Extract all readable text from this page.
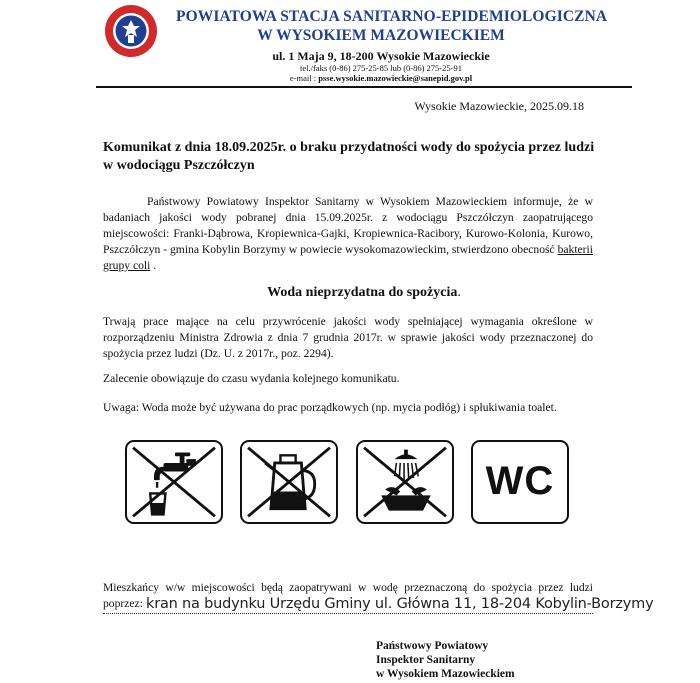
POWIATOWA STACJA SANITARNO-EPIDEMIOLOGICZNA
W WYSOKIEM MAZOWIECKIEM
ul. 1 Maja 9, 18-200 Wysokie Mazowieckie
tel./faks (0-86) 275-25-85 lub (0-86) 275-25-91
e-mail : psse.wysokie.mazowieckie@sanepid.gov.pl
Wysokie Mazowieckie, 2025.09.18
Komunikat z dnia 18.09.2025r. o braku przydatności wody do spożycia przez ludzi w wodociągu Pszczółczyn
Państwowy Powiatowy Inspektor Sanitarny w Wysokiem Mazowieckiem informuje, że w badaniach jakości wody pobranej dnia 15.09.2025r. z wodociągu Pszczółczyn zaopatrującego miejscowości: Franki-Dąbrowa, Kropiewnica-Gajki, Kropiewnica-Racibory, Kurowo-Kolonia, Kurowo, Pszczółczyn - gmina Kobylin Borzymy w powiecie wysokomazowieckim, stwierdzono obecność bakterii grupy coli .
Woda nieprzydatna do spożycia.
Trwają prace mające na celu przywrócenie jakości wody spełniającej wymagania określone w rozporządzeniu Ministra Zdrowia z dnia 7 grudnia 2017r. w sprawie jakości wody przeznaczonej do spożycia przez ludzi (Dz. U. z 2017r., poz. 2294).
Zalecenie obowiązuje do czasu wydania kolejnego komunikatu.
Uwaga: Woda może być używana do prac porządkowych (np. mycia podłóg) i spłukiwania toalet.
WC
Mieszkańcy w/w miejscowości będą zaopatrywani w wodę przeznaczoną do spożycia przez ludzi poprzez: kran na budynku Urzędu Gminy ul. Główna 11, 18-204 Kobylin-Borzymy
Państwowy Powiatowy
Inspektor Sanitarny
w Wysokiem Mazowieckiem
